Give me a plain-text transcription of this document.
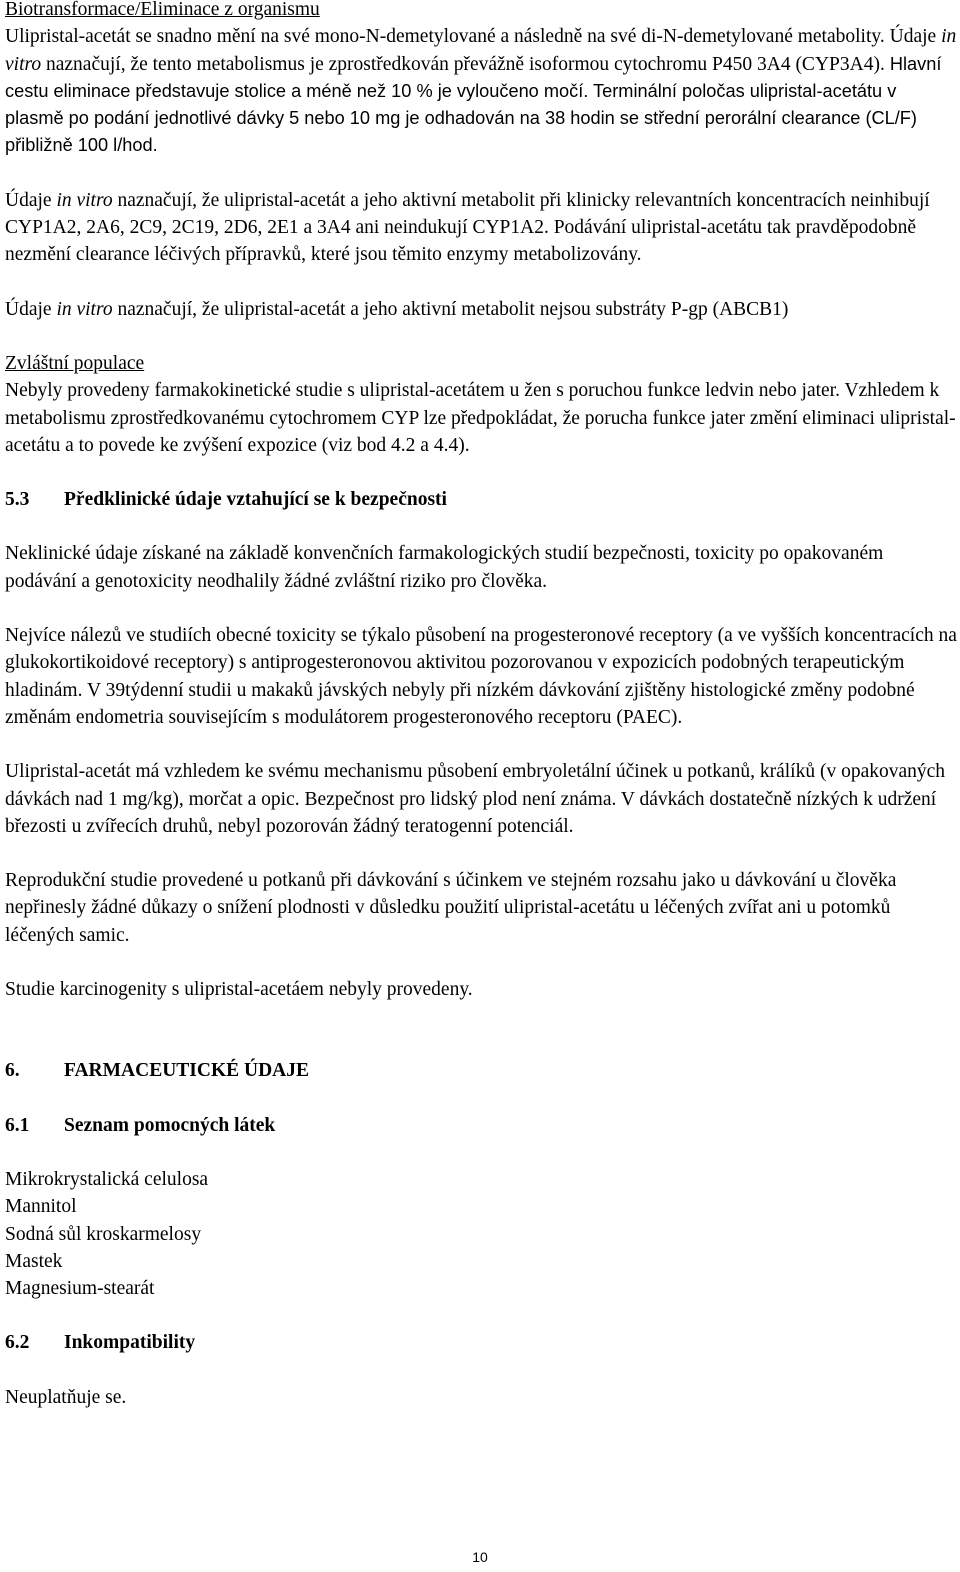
Biotransformace/Eliminace z organismu

Ulipristal-acetát se snadno mění na své mono-N-demetylované a následně na své di-N-demetylované metabolity. Údaje in vitro naznačují, že tento metabolismus je zprostředkován převážně isoformou cytochromu P450 3A4 (CYP3A4). Hlavní cestu eliminace představuje stolice a méně než 10 % je vyloučeno močí. Terminální poločas ulipristal-acetátu v plasmě po podání jednotlivé dávky 5 nebo 10 mg je odhadován na 38 hodin se střední perorální clearance (CL/F) přibližně 100 l/hod.

Údaje in vitro naznačují, že ulipristal-acetát a jeho aktivní metabolit při klinicky relevantních koncentracích neinhibují CYP1A2, 2A6, 2C9, 2C19, 2D6, 2E1 a 3A4 ani neindukují CYP1A2. Podávání ulipristal-acetátu tak pravděpodobně nezmění clearance léčivých přípravků, které jsou těmito enzymy metabolizovány.

Údaje in vitro naznačují, že ulipristal-acetát a jeho aktivní metabolit nejsou substráty P-gp (ABCB1)

Zvláštní populace

Nebyly provedeny farmakokinetické studie s ulipristal-acetátem u žen s poruchou funkce ledvin nebo jater. Vzhledem k metabolismu zprostředkovanému cytochromem CYP lze předpokládat, že porucha funkce jater změní eliminaci ulipristal-acetátu a to povede ke zvýšení expozice (viz bod 4.2 a 4.4).

5.3	Předklinické údaje vztahující se k bezpečnosti

Neklinické údaje získané na základě konvenčních farmakologických studií bezpečnosti, toxicity po opakovaném podávání a genotoxicity neodhalily žádné zvláštní riziko pro člověka.

Nejvíce nálezů ve studiích obecné toxicity se týkalo působení na progesteronové receptory (a ve vyšších koncentracích na glukokortikoidové receptory) s antiprogesteronovou aktivitou pozorovanou v expozicích podobných terapeutickým hladinám. V 39týdenní studii u makaků jávských nebyly při nízkém dávkování zjištěny histologické změny podobné změnám endometria souvisejícím s modulátorem progesteronového receptoru (PAEC).

Ulipristal-acetát má vzhledem ke svému mechanismu působení embryoletální účinek u potkanů, králíků (v opakovaných dávkách nad 1 mg/kg), morčat a opic. Bezpečnost pro lidský plod není známa. V dávkách dostatečně nízkých k udržení březosti u zvířecích druhů, nebyl pozorován žádný teratogenní potenciál.

Reprodukční studie provedené u potkanů při dávkování s účinkem ve stejném rozsahu jako u dávkování u člověka nepřinesly žádné důkazy o snížení plodnosti v důsledku použití ulipristal-acetátu u léčených zvířat ani u potomků léčených samic.

Studie karcinogenity s ulipristal-acetáem nebyly provedeny.

6.	FARMACEUTICKÉ ÚDAJE
6.1	Seznam pomocných látek

Mikrokrystalická celulosa

Mannitol

Sodná sůl kroskarmelosy

Mastek

Magnesium-stearát

6.2	Inkompatibility

Neuplatňuje se.

10
